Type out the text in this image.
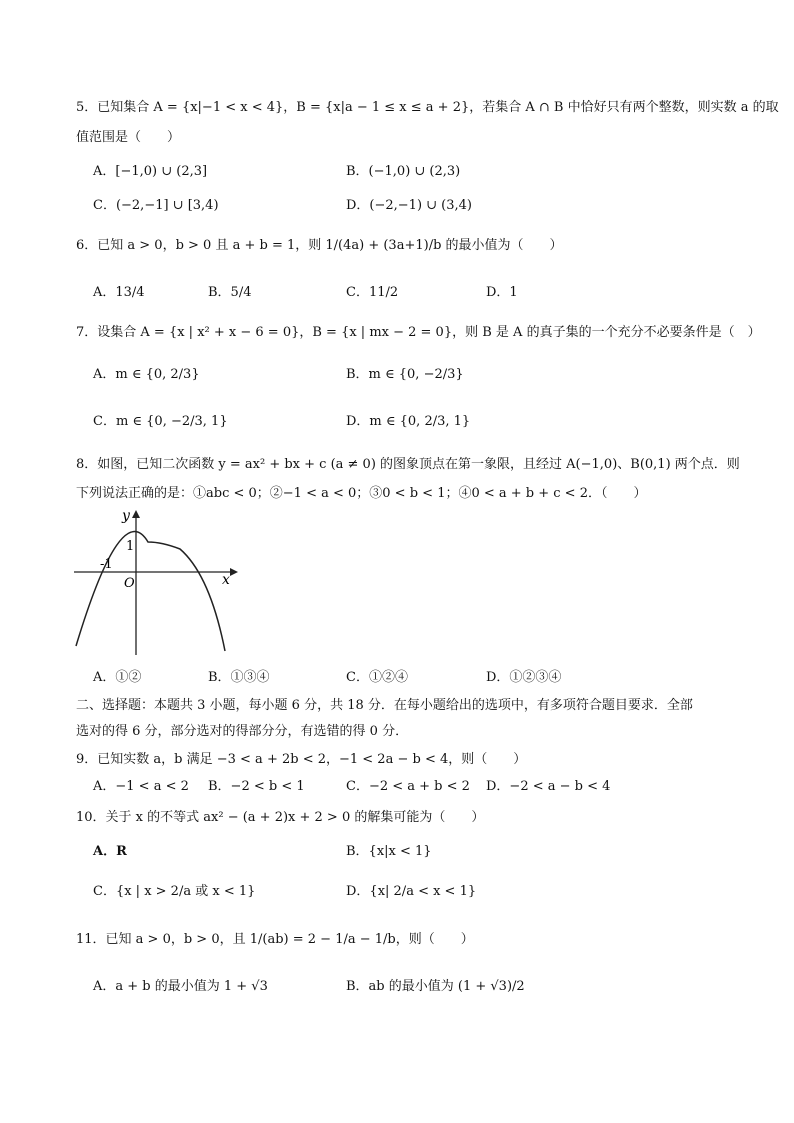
5．已知集合 A = {x|−1 < x < 4}，B = {x|a − 1 ≤ x ≤ a + 2}，若集合 A ∩ B 中恰好只有两个整数，则实数 a 的取
值范围是（　　）
A．[−1,0) ∪ (2,3]	B．(−1,0) ∪ (2,3)
C．(−2,−1] ∪ [3,4)	D．(−2,−1) ∪ (3,4)
6．已知 a > 0，b > 0 且 a + b = 1，则 1/(4a) + (3a+1)/b 的最小值为（　　）
A．13/4	B．5/4	C．11/2	D．1
7．设集合 A = {x | x² + x − 6 = 0}，B = {x | mx − 2 = 0}，则 B 是 A 的真子集的一个充分不必要条件是（　）
A．m ∈ {0, 2/3}	B．m ∈ {0, −2/3}
C．m ∈ {0, −2/3, 1}	D．m ∈ {0, 2/3, 1}
8．如图，已知二次函数 y = ax² + bx + c (a ≠ 0) 的图象顶点在第一象限，且经过 A(−1,0)、B(0,1) 两个点．则
下列说法正确的是：①abc < 0；②−1 < a < 0；③0 < b < 1；④0 < a + b + c < 2．（　　）
y
x
O
1
-1
A．①②	B．①③④	C．①②④	D．①②③④
二、选择题：本题共 3 小题，每小题 6 分，共 18 分．在每小题给出的选项中，有多项符合题目要求．全部
选对的得 6 分，部分选对的得部分分，有选错的得 0 分．
9．已知实数 a，b 满足 −3 < a + 2b < 2，−1 < 2a − b < 4，则（　　）
A．−1 < a < 2 B．−2 < b < 1	C．−2 < a + b < 2 D．−2 < a − b < 4
10．关于 x 的不等式 ax² − (a + 2)x + 2 > 0 的解集可能为（　　）
A．R	B．{x|x < 1}
C．{x | x > 2/a 或 x < 1}	D．{x| 2/a < x < 1}
11．已知 a > 0，b > 0，且 1/(ab) = 2 − 1/a − 1/b，则（　　）
A．a + b 的最小值为 1 + √3	B．ab 的最小值为 (1 + √3)/2
